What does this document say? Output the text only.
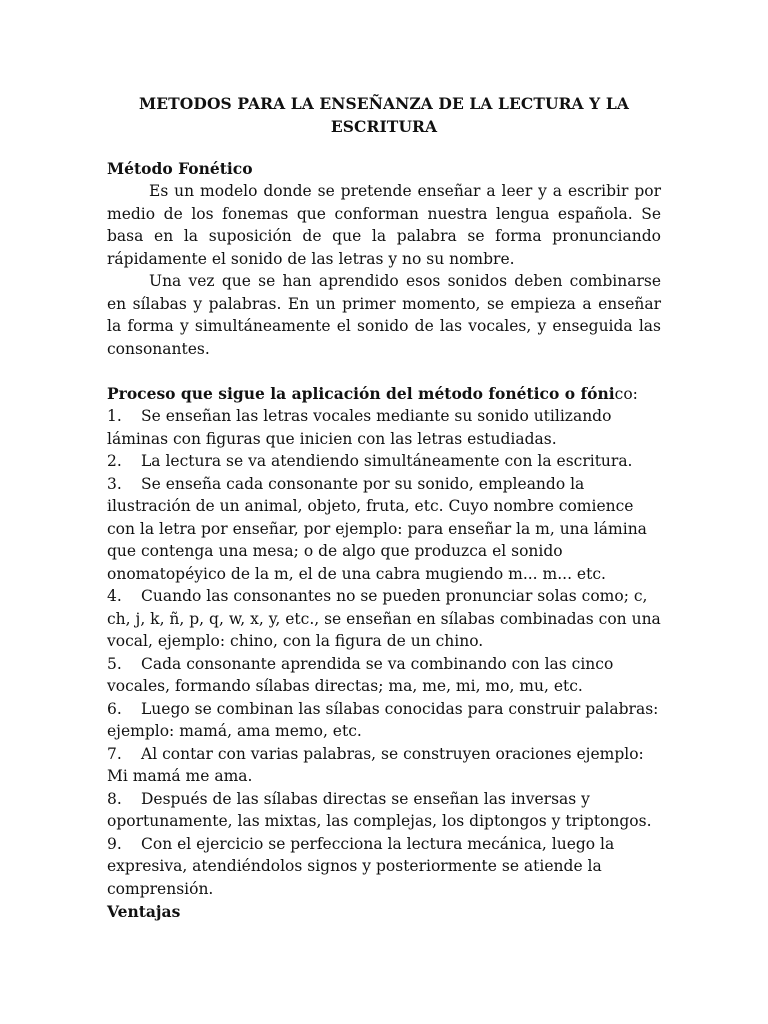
METODOS PARA LA ENSEÑANZA DE LA LECTURA Y LA ESCRITURA
Método Fonético
Es un modelo donde se pretende enseñar a leer y a escribir por medio de los fonemas que conforman nuestra lengua española. Se basa en la suposición de que la palabra se forma pronunciando rápidamente el sonido de las letras y no su nombre.
Una vez que se han aprendido esos sonidos deben combinarse en sílabas y palabras. En un primer momento, se empieza a enseñar la forma y simultáneamente el sonido de las vocales, y enseguida las consonantes.
Proceso que sigue la aplicación del método fonético o fónico:

1. Se enseñan las letras vocales mediante su sonido utilizando láminas con figuras que inicien con las letras estudiadas.

2. La lectura se va atendiendo simultáneamente con la escritura.

3. Se enseña cada consonante por su sonido, empleando la ilustración de un animal, objeto, fruta, etc. Cuyo nombre comience con la letra por enseñar, por ejemplo: para enseñar la m, una lámina que contenga una mesa; o de algo que produzca el sonido onomatopéyico de la m, el de una cabra mugiendo m... m... etc.

4. Cuando las consonantes no se pueden pronunciar solas como; c, ch, j, k, ñ, p, q, w, x, y, etc., se enseñan en sílabas combinadas con una vocal, ejemplo: chino, con la figura de un chino.

5. Cada consonante aprendida se va combinando con las cinco vocales, formando sílabas directas; ma, me, mi, mo, mu, etc.

6. Luego se combinan las sílabas conocidas para construir palabras: ejemplo: mamá, ama memo, etc.

7. Al contar con varias palabras, se construyen oraciones ejemplo: Mi mamá me ama.

8. Después de las sílabas directas se enseñan las inversas y oportunamente, las mixtas, las complejas, los diptongos y triptongos.

9. Con el ejercicio se perfecciona la lectura mecánica, luego la expresiva, atendiéndolos signos y posteriormente se atiende la comprensión.

Ventajas
